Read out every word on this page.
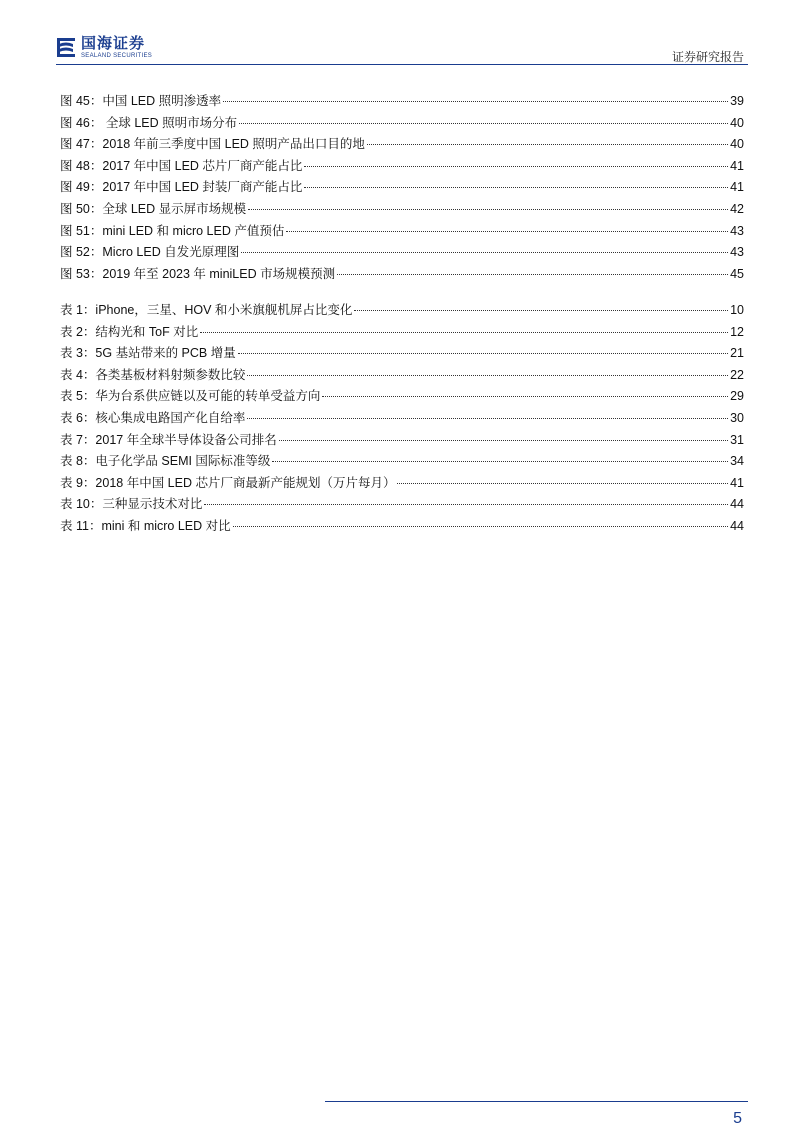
国海证券
SEALAND SECURITIES	证券研究报告
图 45：中国 LED 照明渗透率	39
图 46： 全球 LED 照明市场分布	40
图 47：2018 年前三季度中国 LED 照明产品出口目的地	40
图 48：2017 年中国 LED 芯片厂商产能占比	41
图 49：2017 年中国 LED 封装厂商产能占比	41
图 50：全球 LED 显示屏市场规模	42
图 51：mini LED 和 micro LED 产值预估	43
图 52：Micro LED 自发光原理图	43
图 53：2019 年至 2023 年 miniLED 市场规模预测	45
表 1：iPhone，三星、HOV 和小米旗舰机屏占比变化	10
表 2：结构光和 ToF 对比	12
表 3：5G 基站带来的 PCB 增量	21
表 4：各类基板材料射频参数比较	22
表 5：华为台系供应链以及可能的转单受益方向	29
表 6：核心集成电路国产化自给率	30
表 7：2017 年全球半导体设备公司排名	31
表 8：电子化学品 SEMI 国际标准等级	34
表 9：2018 年中国 LED 芯片厂商最新产能规划（万片每月）	41
表 10：三种显示技术对比	44
表 11：mini 和 micro LED 对比	44
5
